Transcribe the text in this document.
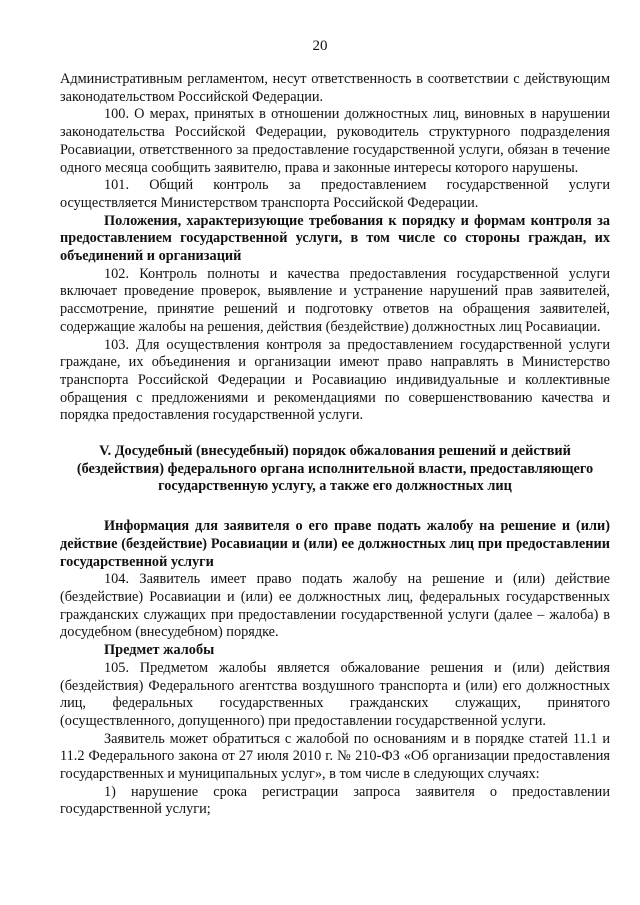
20

Административным регламентом, несут ответственность в соответствии с действующим законодательством Российской Федерации.

100. О мерах, принятых в отношении должностных лиц, виновных в нарушении законодательства Российской Федерации, руководитель структурного подразделения Росавиации, ответственного за предоставление государственной услуги, обязан в течение одного месяца сообщить заявителю, права и законные интересы которого нарушены.

101. Общий контроль за предоставлением государственной услуги осуществляется Министерством транспорта Российской Федерации.

Положения, характеризующие требования к порядку и формам контроля за предоставлением государственной услуги, в том числе со стороны граждан, их объединений и организаций

102. Контроль полноты и качества предоставления государственной услуги включает проведение проверок, выявление и устранение нарушений прав заявителей, рассмотрение, принятие решений и подготовку ответов на обращения заявителей, содержащие жалобы на решения, действия (бездействие) должностных лиц Росавиации.

103. Для осуществления контроля за предоставлением государственной услуги граждане, их объединения и организации имеют право направлять в Министерство транспорта Российской Федерации и Росавиацию индивидуальные и коллективные обращения с предложениями и рекомендациями по совершенствованию качества и порядка предоставления государственной услуги.

V. Досудебный (внесудебный) порядок обжалования решений и действий (бездействия) федерального органа исполнительной власти, предоставляющего государственную услугу, а также его должностных лиц

Информация для заявителя о его праве подать жалобу на решение и (или) действие (бездействие) Росавиации и (или) ее должностных лиц при предоставлении государственной услуги

104. Заявитель имеет право подать жалобу на решение и (или) действие (бездействие) Росавиации и (или) ее должностных лиц, федеральных государственных гражданских служащих при предоставлении государственной услуги (далее – жалоба) в досудебном (внесудебном) порядке.

Предмет жалобы

105. Предметом жалобы является обжалование решения и (или) действия (бездействия) Федерального агентства воздушного транспорта и (или) его должностных лиц, федеральных государственных гражданских служащих, принятого (осуществленного, допущенного) при предоставлении государственной услуги.

Заявитель может обратиться с жалобой по основаниям и в порядке статей 11.1 и 11.2 Федерального закона от 27 июля 2010 г. № 210-ФЗ «Об организации предоставления государственных и муниципальных услуг», в том числе в следующих случаях:

1) нарушение срока регистрации запроса заявителя о предоставлении государственной услуги;
